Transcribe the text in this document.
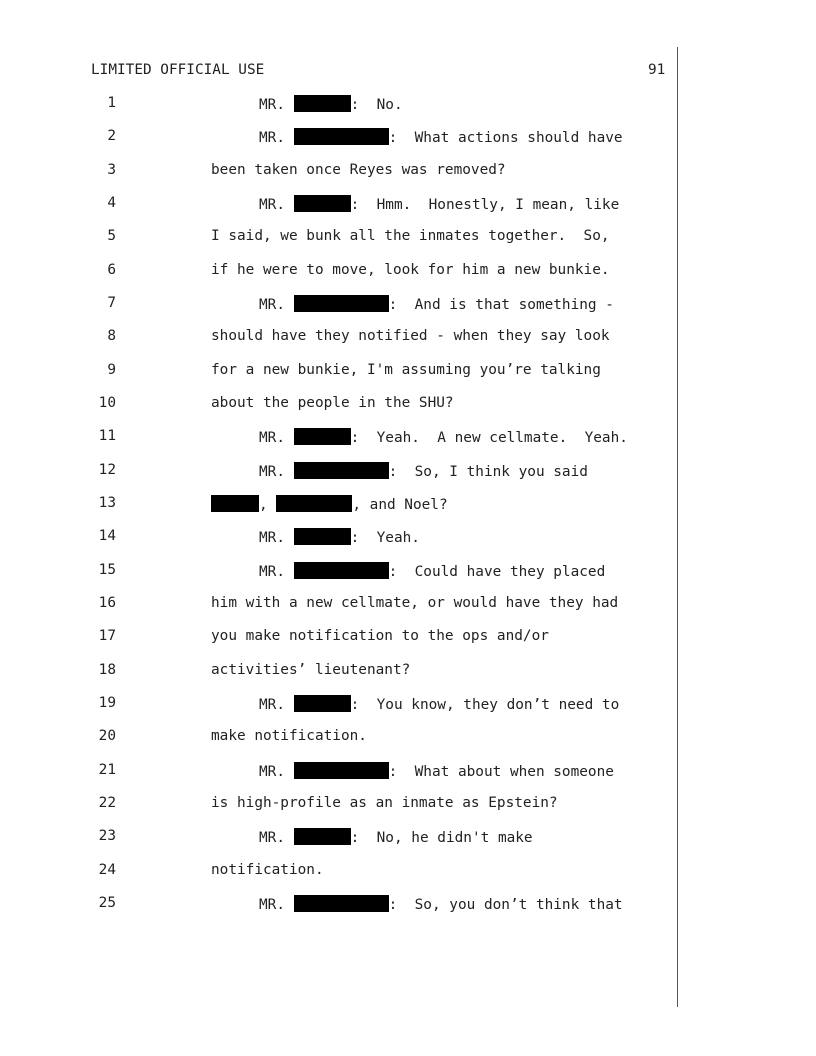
LIMITED OFFICIAL USE	91
1	MR.	:  No.
2	MR.	:  What actions should have
3	been taken once Reyes was removed?
4	MR.	:  Hmm.  Honestly, I mean, like
5	I said, we bunk all the inmates together.  So,
6	if he were to move, look for him a new bunkie.
7	MR.	:  And is that something -
8	should have they notified - when they say look
9	for a new bunkie, I'm assuming you’re talking
10	about the people in the SHU?
11	MR.	:  Yeah.  A new cellmate.  Yeah.
12	MR.	:  So, I think you said
13	,	, and Noel?
14	MR.	:  Yeah.
15	MR.	:  Could have they placed
16	him with a new cellmate, or would have they had
17	you make notification to the ops and/or
18	activities’ lieutenant?
19	MR.	:  You know, they don’t need to
20	make notification.
21	MR.	:  What about when someone
22	is high-profile as an inmate as Epstein?
23	MR.	:  No, he didn't make
24	notification.
25	MR.	:  So, you don’t think that
